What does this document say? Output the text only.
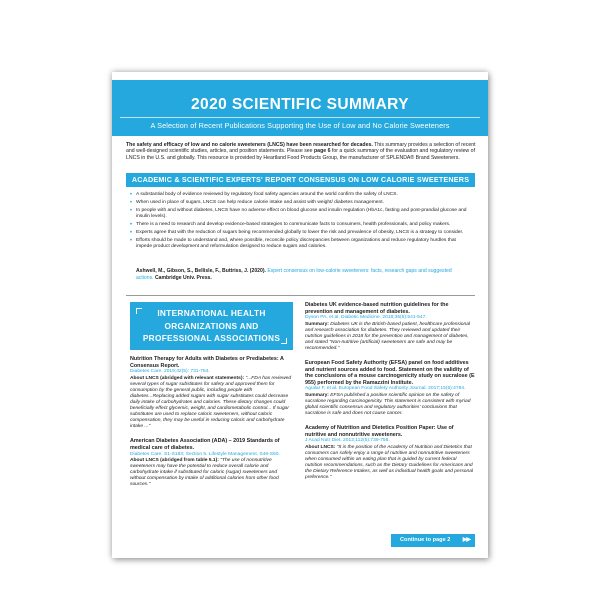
2020 SCIENTIFIC SUMMARY
A Selection of Recent Publications Supporting the Use of Low and No Calorie Sweeteners

The safety and efficacy of low and no calorie sweeteners (LNCS) have been researched for decades. This summary provides a selection of recent and well-designed scientific studies, articles, and position statements. Please see page 6 for a quick summary of the evaluation and regulatory review of LNCS in the U.S. and globally. This resource is provided by Heartland Food Products Group, the manufacturer of SPLENDA® Brand Sweeteners.

ACADEMIC & SCIENTIFIC EXPERTS' REPORT CONSENSUS ON LOW CALORIE SWEETENERS
• A substantial body of evidence reviewed by regulatory food safety agencies around the world confirm the safety of LNCS.
• When used in place of sugars, LNCS can help reduce calorie intake and assist with weight/ diabetes management.
• In people with and without diabetes, LNCS have no adverse effect on blood glucose and insulin regulation (HbA1c, fasting and post-prandial glucose and insulin levels).
• There is a need to research and develop evidence-based strategies to communicate facts to consumers, health professionals, and policy makers.
• Experts agree that with the reduction of sugars being recommended globally to lower the risk and prevalence of obesity, LNCS is a strategy to consider.
• Efforts should be made to understand and, where possible, reconcile policy discrepancies between organizations and reduce regulatory hurdles that impede product development and reformulation designed to reduce sugars and calories.

Ashwell, M., Gibson, S., Bellisle, F., Buttriss, J. (2020). Expert consensus on low-calorie sweeteners: facts, research gaps and suggested actions. Cambridge Univ. Press.

INTERNATIONAL HEALTH
ORGANIZATIONS AND
PROFESSIONAL ASSOCIATIONS
Nutrition Therapy for Adults with Diabetes or Prediabetes: A Consensus Report.
Diabetes Care. 2019;42(5): 731-754.
About LNCS (abridged with relevant statements): "...FDA has reviewed several types of sugar substitutes for safety and approved them for consumption by the general public, including people with diabetes...Replacing added sugars with sugar substitutes could decrease daily intake of carbohydrates and calories. These dietary changes could beneficially effect glycemic, weight, and cardiometabolic control... If sugar substitutes are used to replace caloric sweeteners, without caloric compensation, they may be useful in reducing caloric and carbohydrate intake ..."
American Diabetes Association (ADA) – 2019 Standards of medical care of diabetes.
Diabetes Care. S1-S183; Section 5. Lifestyle Management. S46-S60.
About LNCS (abridged from table 5.1): "The use of nonnutritive sweeteners may have the potential to reduce overall calorie and carbohydrate intake if substituted for caloric (sugar) sweeteners and without compensation by intake of additional calories from other food sources."
Diabetes UK evidence-based nutrition guidelines for the prevention and management of diabetes.
Dyson PA, et al. Diabetic Medicine. 2018;35(5):541-547.
Summary: Diabetes UK is the British-based patient, healthcare professional and research association for diabetes. They reviewed and updated their nutrition guidelines in 2018 for the prevention and management of diabetes, and stated "Non-nutritive (artificial) sweeteners are safe and may be recommended."
European Food Safety Authority (EFSA) panel on food additives and nutrient sources added to food. Statement on the validity of the conclusions of a mouse carcinogenicity study on sucralose (E 955) performed by the Ramazzini Institute.
Aguilar F, et al. European Food Safety Authority Journal. 2017;15(5):4784.
Summary: EFSA published a positive scientific opinion on the safety of sucralose regarding carcinogenicity. This statement is consistent with myriad global scientific consensus and regulatory authorities' conclusions that sucralose is safe and does not cause cancer.
Academy of Nutrition and Dietetics Position Paper: Use of nutritive and nonnutritive sweeteners.
J Acad Nutr Diet. 2012;112(5):739-758.
About LNCS: "It is the position of the Academy of Nutrition and Dietetics that consumers can safely enjoy a range of nutritive and nonnutritive sweeteners when consumed within an eating plan that is guided by current federal nutrition recommendations, such as the Dietary Guidelines for Americans and the Dietary Reference Intakes, as well as individual health goals and personal preference."
Continue to page 2 ▶▶
